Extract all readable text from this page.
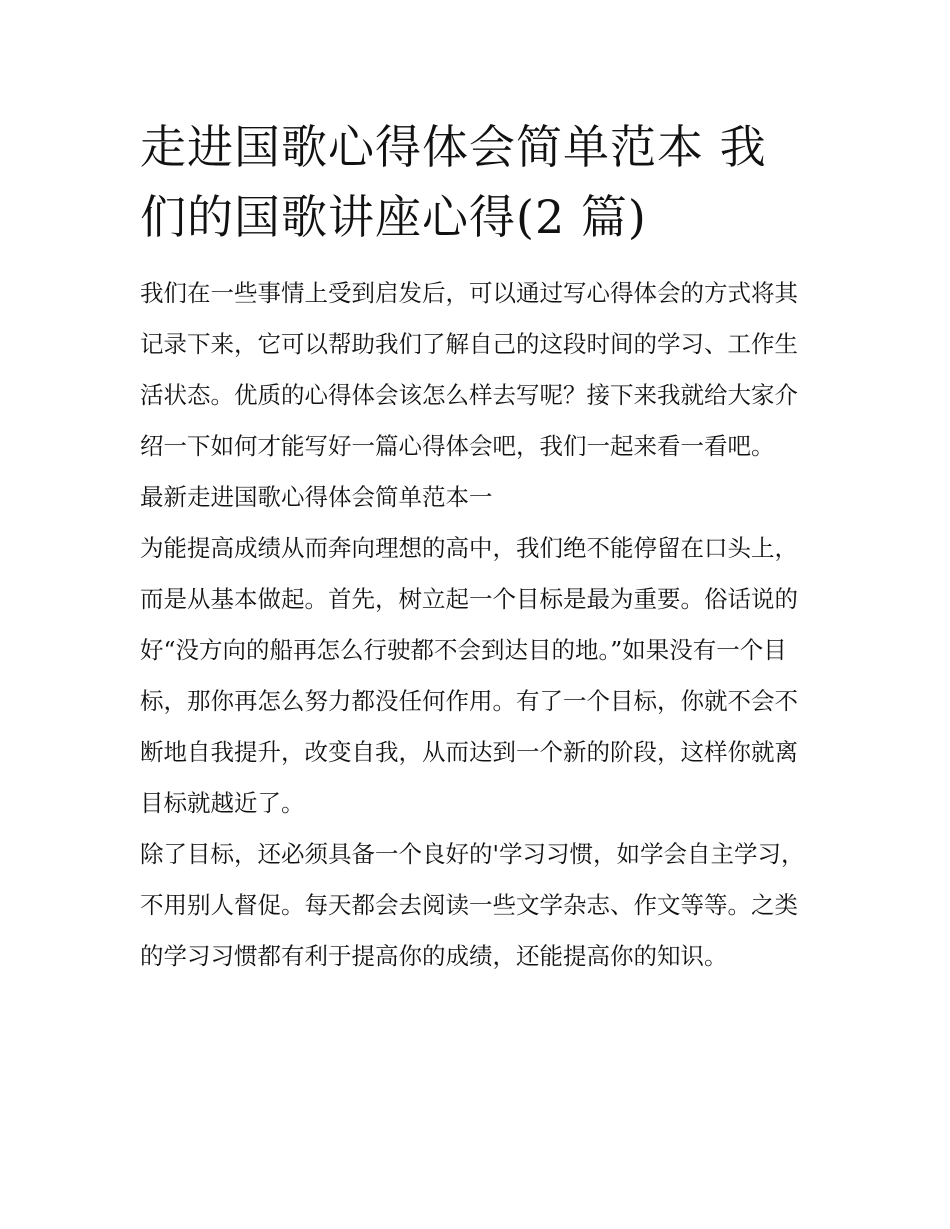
走进国歌心得体会简单范本 我们的国歌讲座心得(2 篇)

我们在一些事情上受到启发后，可以通过写心得体会的方式将其记录下来，它可以帮助我们了解自己的这段时间的学习、工作生活状态。优质的心得体会该怎么样去写呢？接下来我就给大家介绍一下如何才能写好一篇心得体会吧，我们一起来看一看吧。

最新走进国歌心得体会简单范本一

为能提高成绩从而奔向理想的高中，我们绝不能停留在口头上，而是从基本做起。首先，树立起一个目标是最为重要。俗话说的好“没方向的船再怎么行驶都不会到达目的地。”如果没有一个目标，那你再怎么努力都没任何作用。有了一个目标，你就不会不断地自我提升，改变自我，从而达到一个新的阶段，这样你就离目标就越近了。

除了目标，还必须具备一个良好的'学习习惯，如学会自主学习，不用别人督促。每天都会去阅读一些文学杂志、作文等等。之类的学习习惯都有利于提高你的成绩，还能提高你的知识。
